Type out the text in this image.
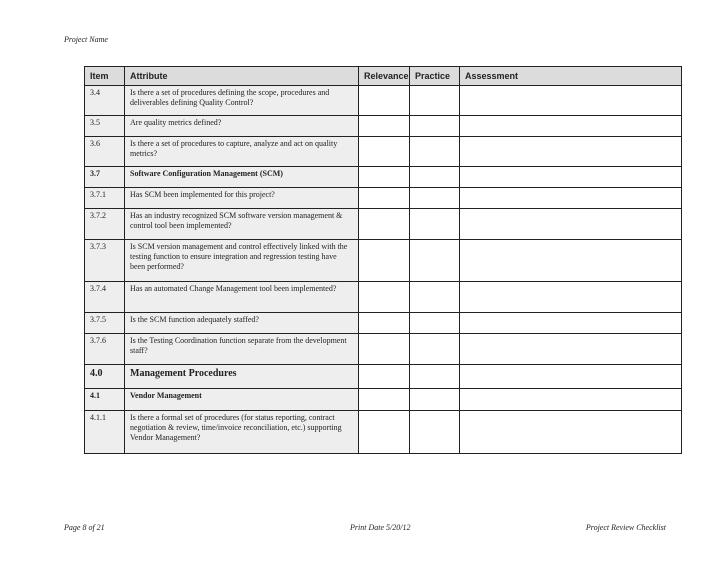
Project Name
Item	Attribute	Relevance	Practice	Assessment
3.4	Is there a set of procedures defining the scope, procedures and deliverables defining Quality Control?			
3.5	Are quality metrics defined?			
3.6	Is there a set of procedures to capture, analyze and act on quality metrics?			
3.7	Software Configuration Management (SCM)			
3.7.1	Has SCM been implemented for this project?			
3.7.2	Has an industry recognized SCM software version management & control tool been implemented?			
3.7.3	Is SCM version management and control effectively linked with the testing function to ensure integration and regression testing have been performed?			
3.7.4	Has an automated Change Management tool been implemented?			
3.7.5	Is the SCM function adequately staffed?			
3.7.6	Is the Testing Coordination function separate from the development staff?			
4.0	Management Procedures			
4.1	Vendor Management			
4.1.1	Is there a formal set of procedures (for status reporting, contract negotiation & review, time/invoice reconciliation, etc.) supporting Vendor Management?			
Page 8 of 21	Print Date 5/20/12	Project Review Checklist
